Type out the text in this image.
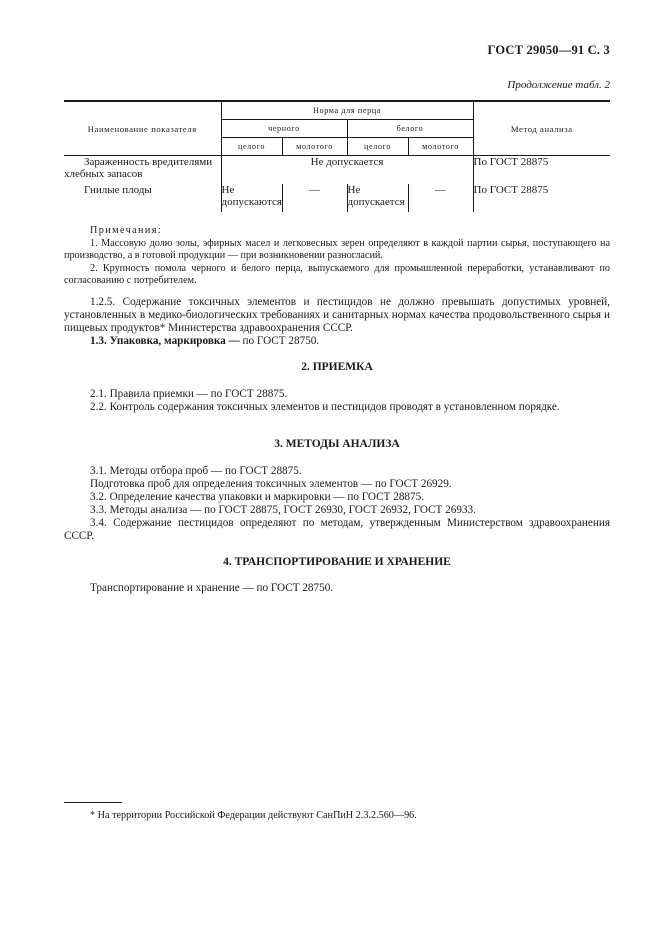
ГОСТ 29050—91 С. 3
Продолжение табл. 2
Наименование показателя	Норма для перца				Метод анализа
	черного		белого		
	целого	молотого	целого	молотого	

Зараженность вредителями
хлебных запасов	Не допускается				По ГОСТ 28875

Гнилые плоды	Не допускаются	—	Не допускается	—	По ГОСТ 28875

Примечания:

1. Массовую долю золы, эфирных масел и легковесных зерен определяют в каждой партии сырья, поступающего на производство, а в готовой продукции — при возникновении разногласий.

2. Крупность помола черного и белого перца, выпускаемого для промышленной переработки, устанавливают по согласованию с потребителем.

1.2.5. Содержание токсичных элементов и пестицидов не должно превышать допустимых уровней, установленных в медико-биологических требованиях и санитарных нормах качества продовольственного сырья и пищевых продуктов* Министерства здравоохранения СССР.

1.3. Упаковка, маркировка — по ГОСТ 28750.

2. ПРИЕМКА

2.1. Правила приемки — по ГОСТ 28875.

2.2. Контроль содержания токсичных элементов и пестицидов проводят в установленном порядке.

3. МЕТОДЫ АНАЛИЗА

3.1. Методы отбора проб — по ГОСТ 28875.

Подготовка проб для определения токсичных элементов — по ГОСТ 26929.

3.2. Определение качества упаковки и маркировки — по ГОСТ 28875.

3.3. Методы анализа — по ГОСТ 28875, ГОСТ 26930, ГОСТ 26932, ГОСТ 26933.

3.4. Содержание пестицидов определяют по методам, утвержденным Министерством здравоохранения СССР.

4. ТРАНСПОРТИРОВАНИЕ И ХРАНЕНИЕ

Транспортирование и хранение — по ГОСТ 28750.

* На территории Российской Федерации действуют СанПиН 2.3.2.560—96.
